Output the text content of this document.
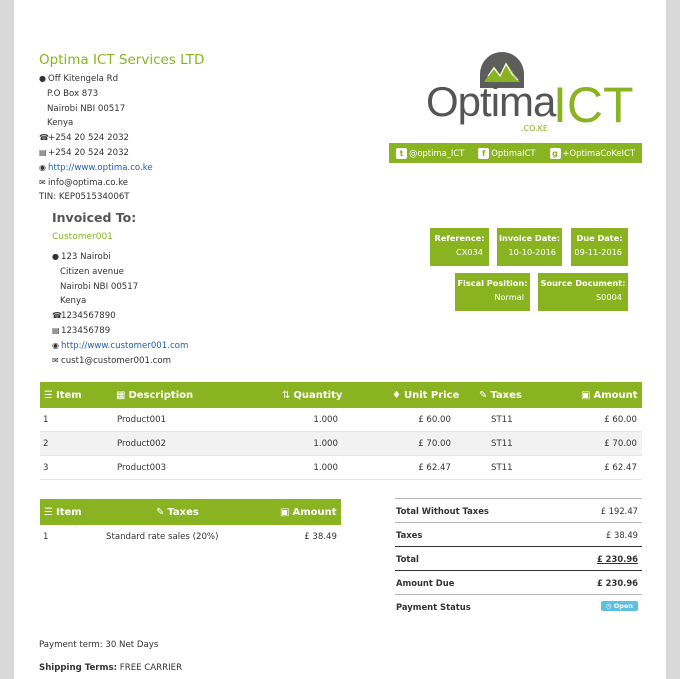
Optima ICT Services LTD
● Off Kitengela Rd
P.O Box 873
Nairobi NBI 00517
Kenya
☎+254 20 524 2032
▤+254 20 524 2032
◉ http://www.optima.co.ke
✉ info@optima.co.ke
TIN: KEP051534006T
Optima
ICT
.CO.KE
t @optima_ICT	f OptimaICT	g +OptimaCoKeICT
Reference:
CX034
Invoice Date:
10-10-2016
Due Date:
09-11-2016
Fiscal Position:
Normal
Source Document:
S0004
Invoiced To:
Customer001
● 123 Nairobi
Citizen avenue
Nairobi NBI 00517
Kenya
☎1234567890
▤123456789
◉ http://www.customer001.com
✉ cust1@customer001.com
☰ Item	▦ Description	⇅ Quantity	♦ Unit Price ✎ Taxes	▣ Amount
1	Product001	1.000	£ 60.00	ST11	£ 60.00
2	Product002	1.000	£ 70.00	ST11	£ 70.00
3	Product003	1.000	£ 62.47	ST11	£ 62.47
☰ Item	✎ Taxes	▣ Amount
1	Standard rate sales (20%)	£ 38.49
Total Without Taxes	£ 192.47
Taxes	£ 38.49
Total	£ 230.96
Amount Due	£ 230.96
Payment Status	◷ Open
Payment term: 30 Net Days
Shipping Terms: FREE CARRIER
